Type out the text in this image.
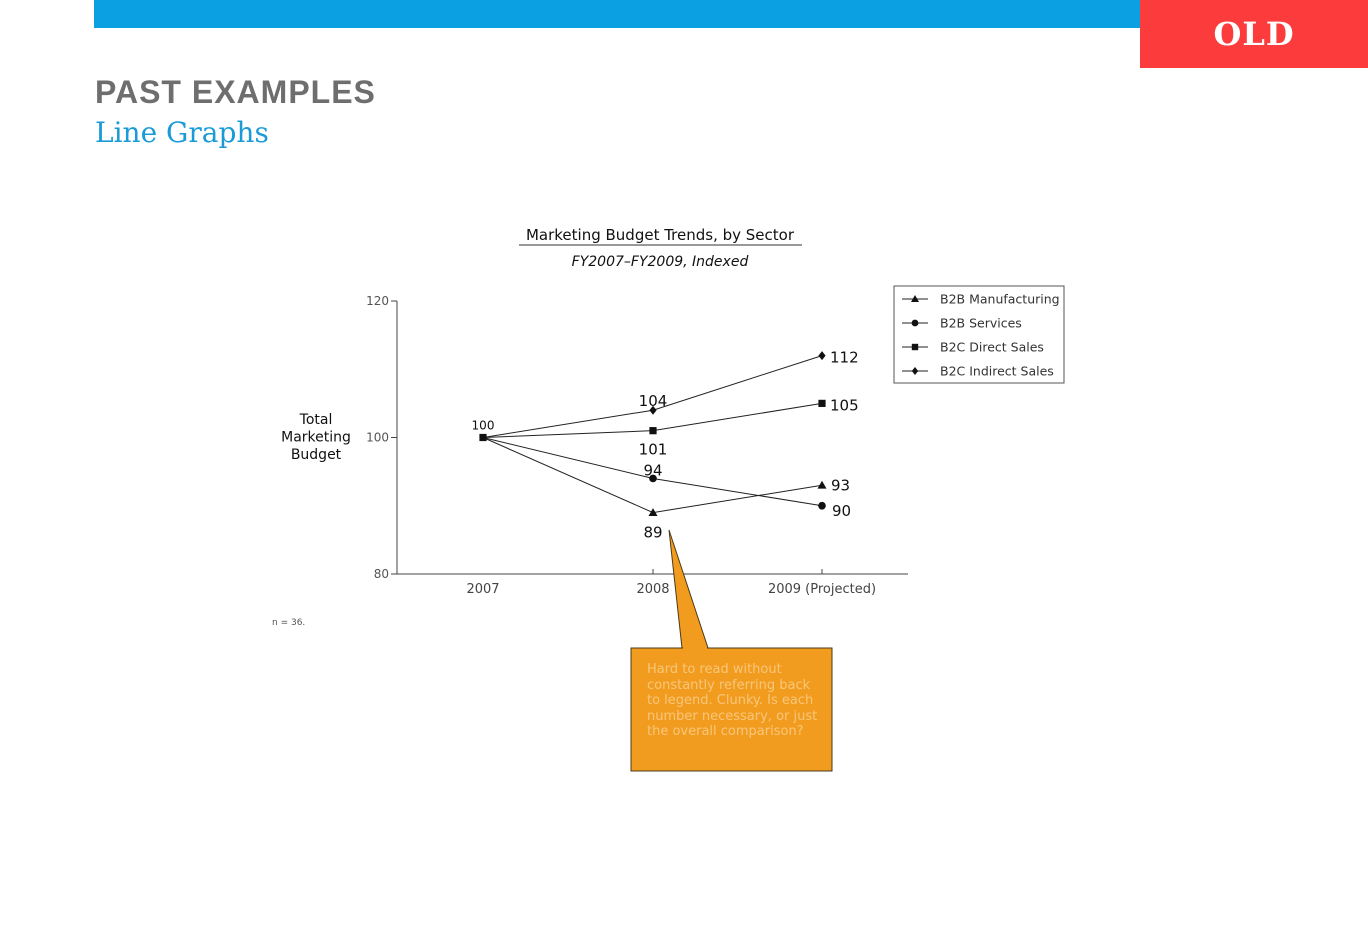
OLD
PAST EXAMPLES
Line Graphs
Marketing Budget Trends, by Sector
FY2007–FY2009, Indexed
80
100
120
2007	2008	2009 (Projected)
Total Marketing Budget
100
89
93
94
90
101
105
104
112
B2B Manufacturing
B2B Services
B2C Direct Sales
B2C Indirect Sales
n = 36.

Hard to read without constantly referring back to legend. Clunky. Is each number necessary, or just the overall comparison?
